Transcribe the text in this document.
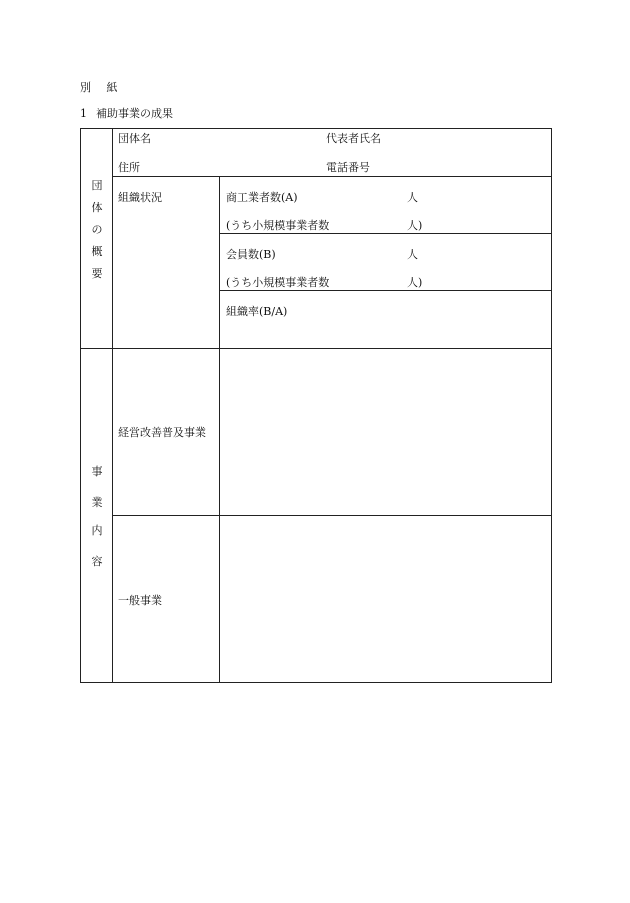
別 紙
1 補助事業の成果
団
体
の
概
要
団体名	代表者氏名
住所	電話番号
組織状況	商工業者数(A)	人
(うち小規模事業者数	人)
会員数(B)	人
(うち小規模事業者数	人)
組織率(B/A)
事
業
内
容
経営改善普及事業
一般事業
